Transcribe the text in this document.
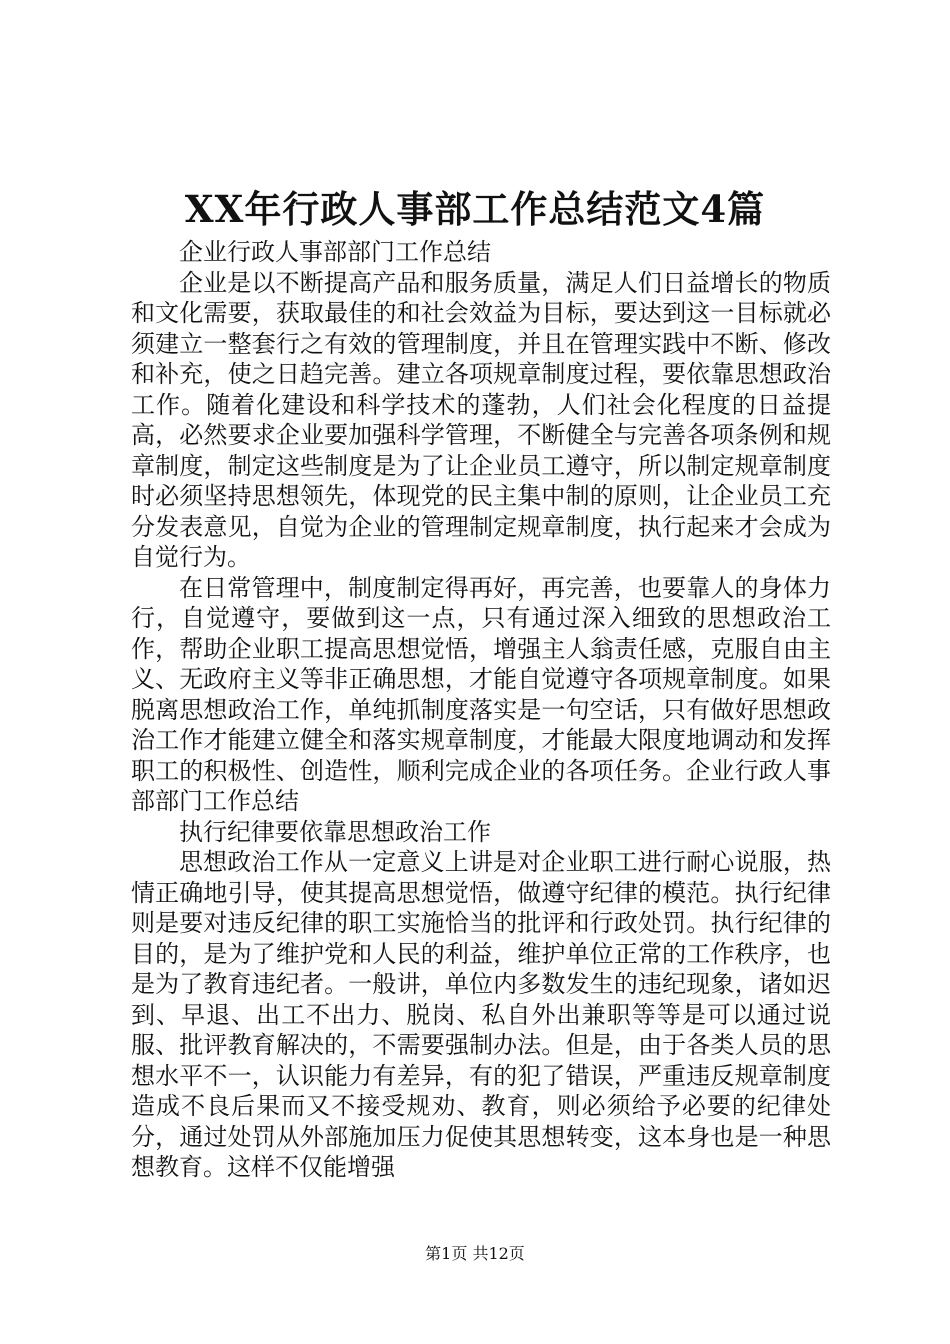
XX年行政人事部工作总结范文4篇

企业行政人事部部门工作总结

企业是以不断提高产品和服务质量，满足人们日益增长的物质和文化需要，获取最佳的和社会效益为目标，要达到这一目标就必须建立一整套行之有效的管理制度，并且在管理实践中不断、修改和补充，使之日趋完善。建立各项规章制度过程，要依靠思想政治工作。随着化建设和科学技术的蓬勃，人们社会化程度的日益提高，必然要求企业要加强科学管理，不断健全与完善各项条例和规章制度，制定这些制度是为了让企业员工遵守，所以制定规章制度时必须坚持思想领先，体现党的民主集中制的原则，让企业员工充分发表意见，自觉为企业的管理制定规章制度，执行起来才会成为自觉行为。

在日常管理中，制度制定得再好，再完善，也要靠人的身体力行，自觉遵守，要做到这一点，只有通过深入细致的思想政治工作，帮助企业职工提高思想觉悟，增强主人翁责任感，克服自由主义、无政府主义等非正确思想，才能自觉遵守各项规章制度。如果脱离思想政治工作，单纯抓制度落实是一句空话，只有做好思想政治工作才能建立健全和落实规章制度，才能最大限度地调动和发挥职工的积极性、创造性，顺利完成企业的各项任务。企业行政人事部部门工作总结

执行纪律要依靠思想政治工作

思想政治工作从一定意义上讲是对企业职工进行耐心说服，热情正确地引导，使其提高思想觉悟，做遵守纪律的模范。执行纪律则是要对违反纪律的职工实施恰当的批评和行政处罚。执行纪律的目的，是为了维护党和人民的利益，维护单位正常的工作秩序，也是为了教育违纪者。一般讲，单位内多数发生的违纪现象，诸如迟到、早退、出工不出力、脱岗、私自外出兼职等等是可以通过说服、批评教育解决的，不需要强制办法。但是，由于各类人员的思想水平不一，认识能力有差异，有的犯了错误，严重违反规章制度造成不良后果而又不接受规劝、教育，则必须给予必要的纪律处分，通过处罚从外部施加压力促使其思想转变，这本身也是一种思想教育。这样不仅能增强

第1页 共12页
